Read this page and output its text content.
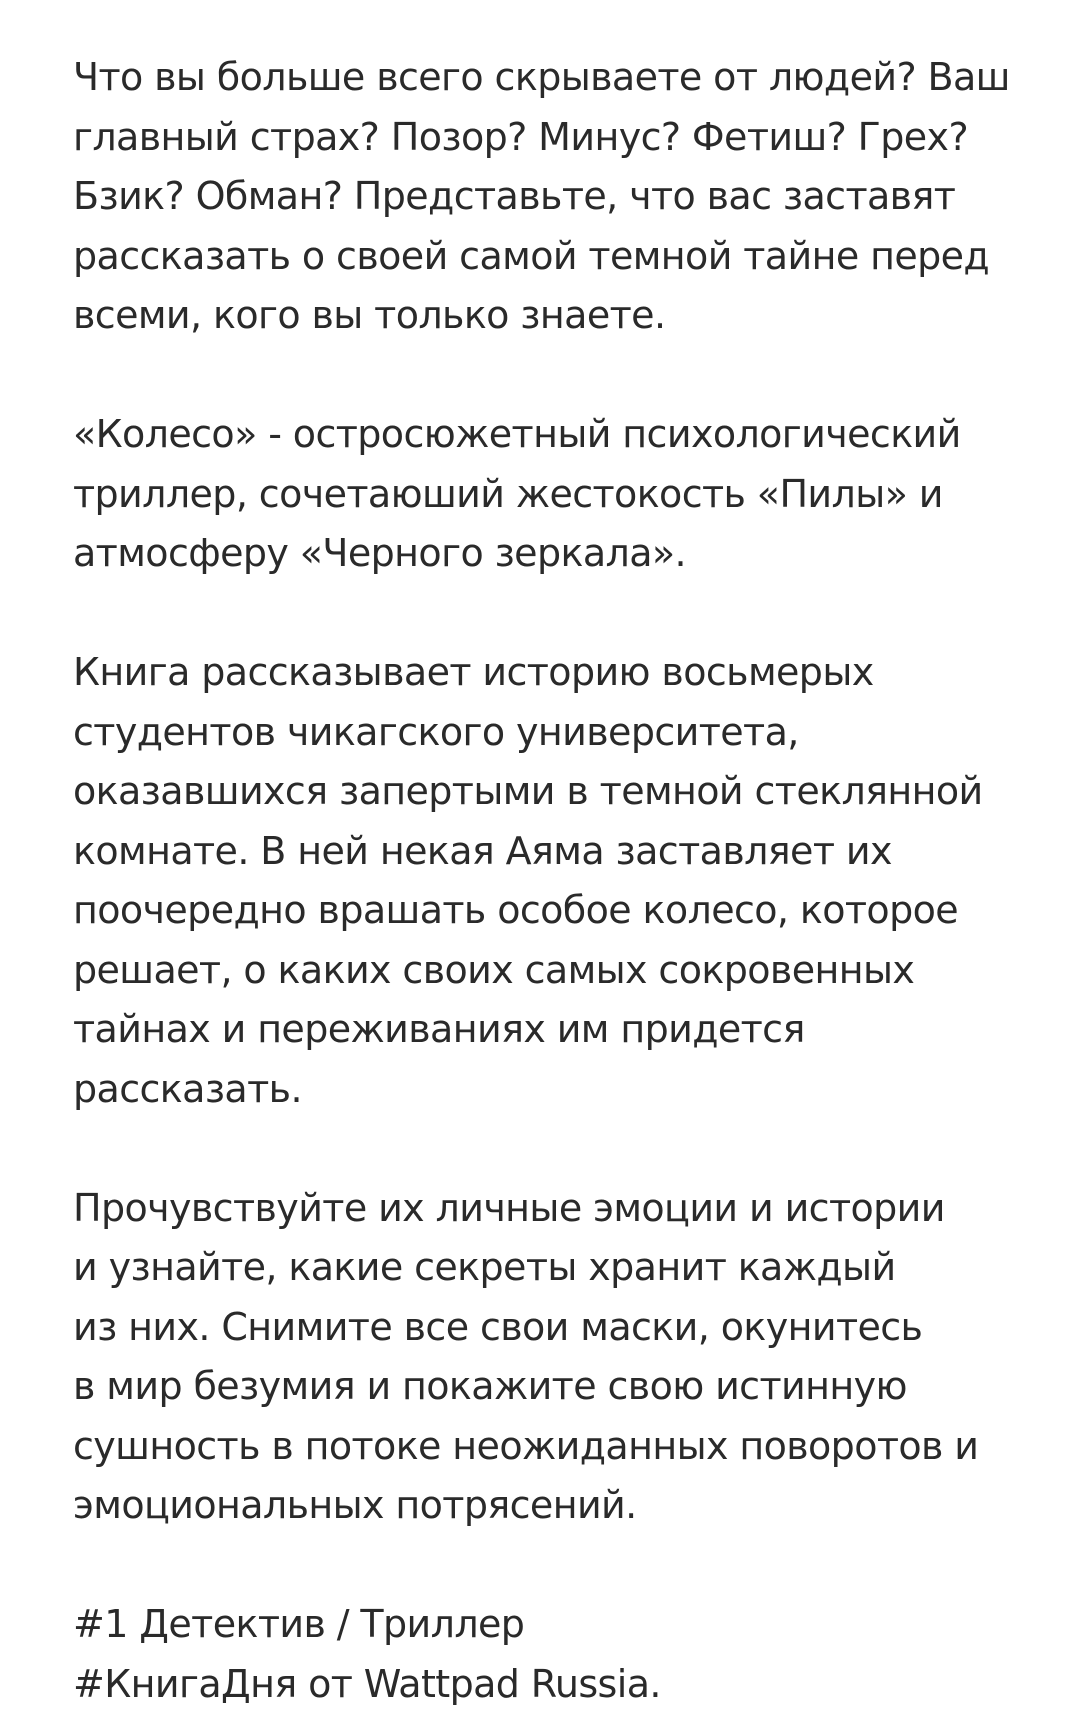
Что вы больше всего скрываете от людей? Ваш
главный страх? Позор? Минус? Фетиш? Грех?
Бзик? Обман? Представьте, что вас заставят
рассказать о своей самой темной тайне перед
всеми, кого вы только знаете.

«Колесо» - остросюжетный психологический
триллер, сочетаюший жестокость «Пилы» и
атмосферу «Черного зеркала».

Книга рассказывает историю восьмерых
студентов чикагского университета,
оказавшихся запертыми в темной стеклянной
комнате. В ней некая Аяма заставляет их
поочередно врашать особое колесо, которое
решает, о каких своих самых сокровенных
тайнах и переживаниях им придется
рассказать.

Прочувствуйте их личные эмоции и истории
и узнайте, какие секреты хранит каждый
из них. Снимите все свои маски, окунитесь
в мир безумия и покажите свою истинную
сушность в потоке неожиданных поворотов и
эмоциональных потрясений.

#1 Детектив / Триллер
#КнигаДня от Wattpad Russia.
